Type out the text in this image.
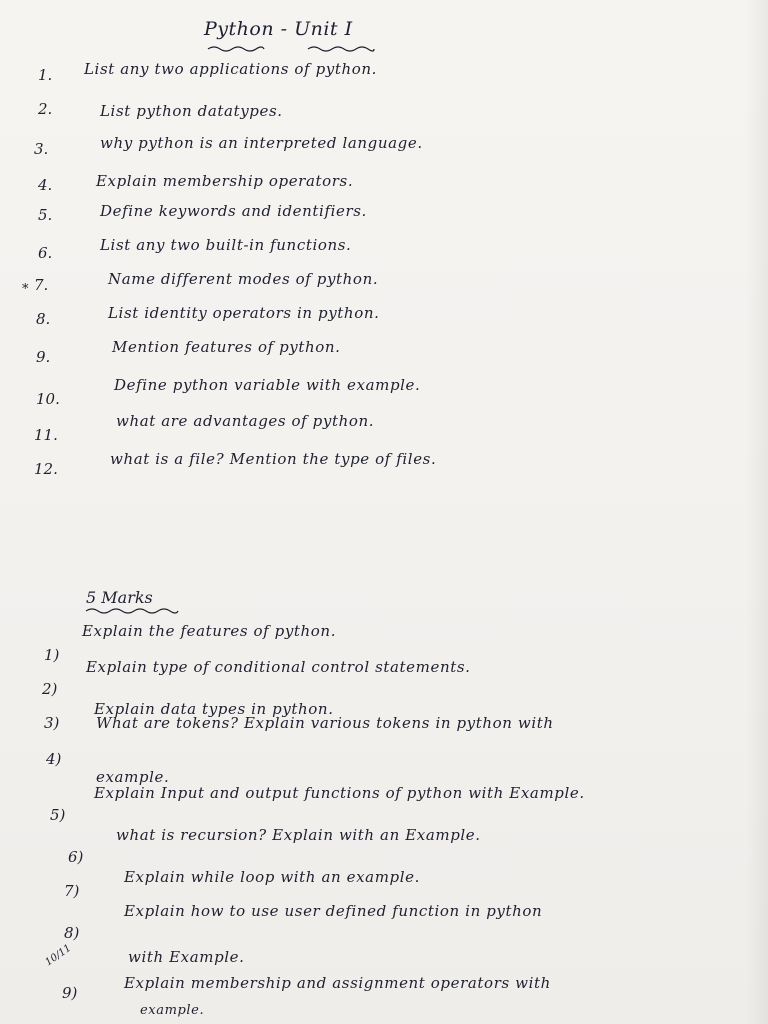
Python - Unit I
1. List any two applications of python.
2.	List python datatypes.
3.	why python is an interpreted language.
4.	Explain membership operators.
5.	Define keywords and identifiers.
6.	List any two built-in functions.
* 7.	Name different modes of python.
8.	List identity operators in python.
9.
Mention features of python.
10.
Define python variable with example.
11.
what are advantages of python.
12.
what is a file? Mention the type of files.
5 Marks
1)
Explain the features of python.
2)
Explain type of conditional control statements.
3)
Explain data types in python.
4)
What are tokens? Explain various tokens in python with
example.
5)
Explain Input and output functions of python with Example.
6)
what is recursion? Explain with an Example.
7)
Explain while loop with an example.
8)
Explain how to use user defined function in python
with Example.
10/11
9)
Explain membership and assignment operators with
example.
